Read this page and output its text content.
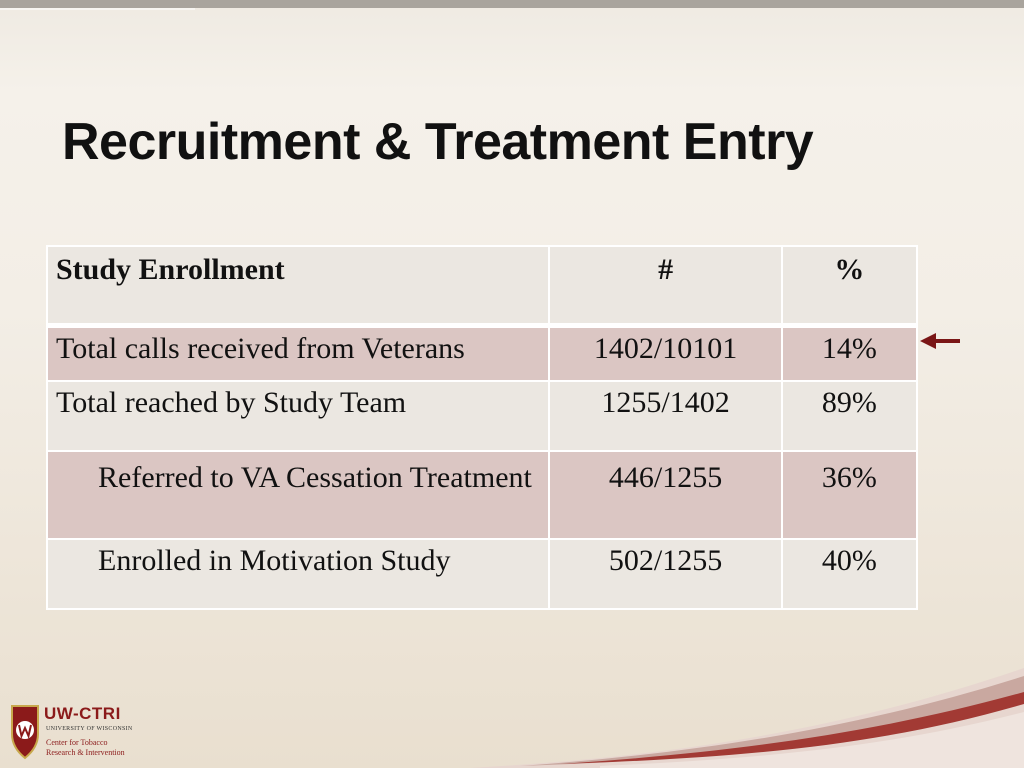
Recruitment & Treatment Entry
Study Enrollment	#	%
Total calls received from Veterans	1402/10101	14%
Total reached by Study Team	1255/1402	89%
Referred to VA Cessation Treatment	446/1255	36%
Enrolled in Motivation Study	502/1255	40%
UW-CTRI
UNIVERSITY OF WISCONSIN
Center for Tobacco
Research & Intervention
